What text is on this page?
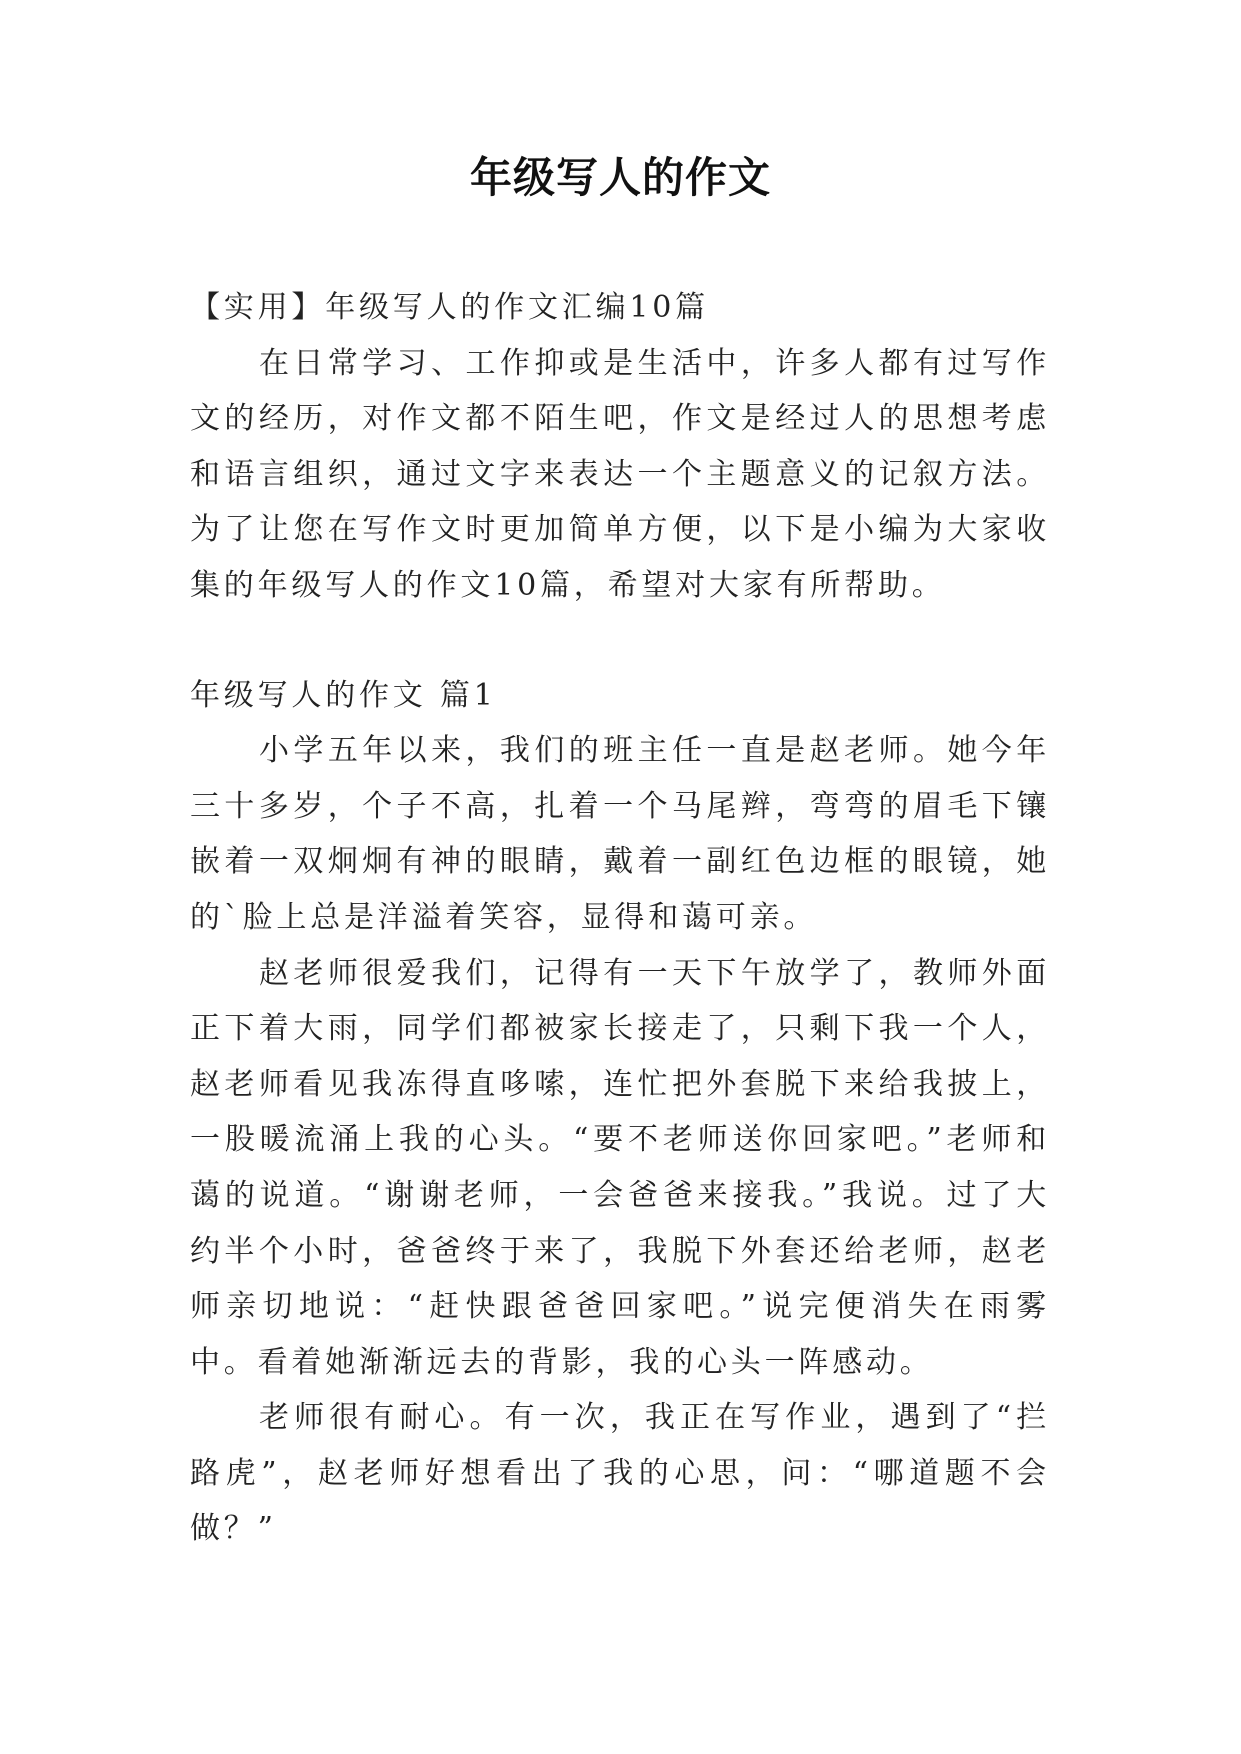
年级写人的作文

【实用】年级写人的作文汇编10篇

在日常学习、工作抑或是生活中，许多人都有过写作文的经历，对作文都不陌生吧，作文是经过人的思想考虑和语言组织，通过文字来表达一个主题意义的记叙方法。为了让您在写作文时更加简单方便，以下是小编为大家收集的年级写人的作文10篇，希望对大家有所帮助。

年级写人的作文 篇1

小学五年以来，我们的班主任一直是赵老师。她今年三十多岁，个子不高，扎着一个马尾辫，弯弯的眉毛下镶嵌着一双炯炯有神的眼睛，戴着一副红色边框的眼镜，她的`脸上总是洋溢着笑容，显得和蔼可亲。

赵老师很爱我们，记得有一天下午放学了，教师外面正下着大雨，同学们都被家长接走了，只剩下我一个人，赵老师看见我冻得直哆嗦，连忙把外套脱下来给我披上，一股暖流涌上我的心头。“要不老师送你回家吧。”老师和蔼的说道。“谢谢老师，一会爸爸来接我。”我说。过了大约半个小时，爸爸终于来了，我脱下外套还给老师，赵老师亲切地说：“赶快跟爸爸回家吧。”说完便消失在雨雾中。看着她渐渐远去的背影，我的心头一阵感动。

老师很有耐心。有一次，我正在写作业，遇到了“拦路虎”，赵老师好想看出了我的心思，问：“哪道题不会做？”
